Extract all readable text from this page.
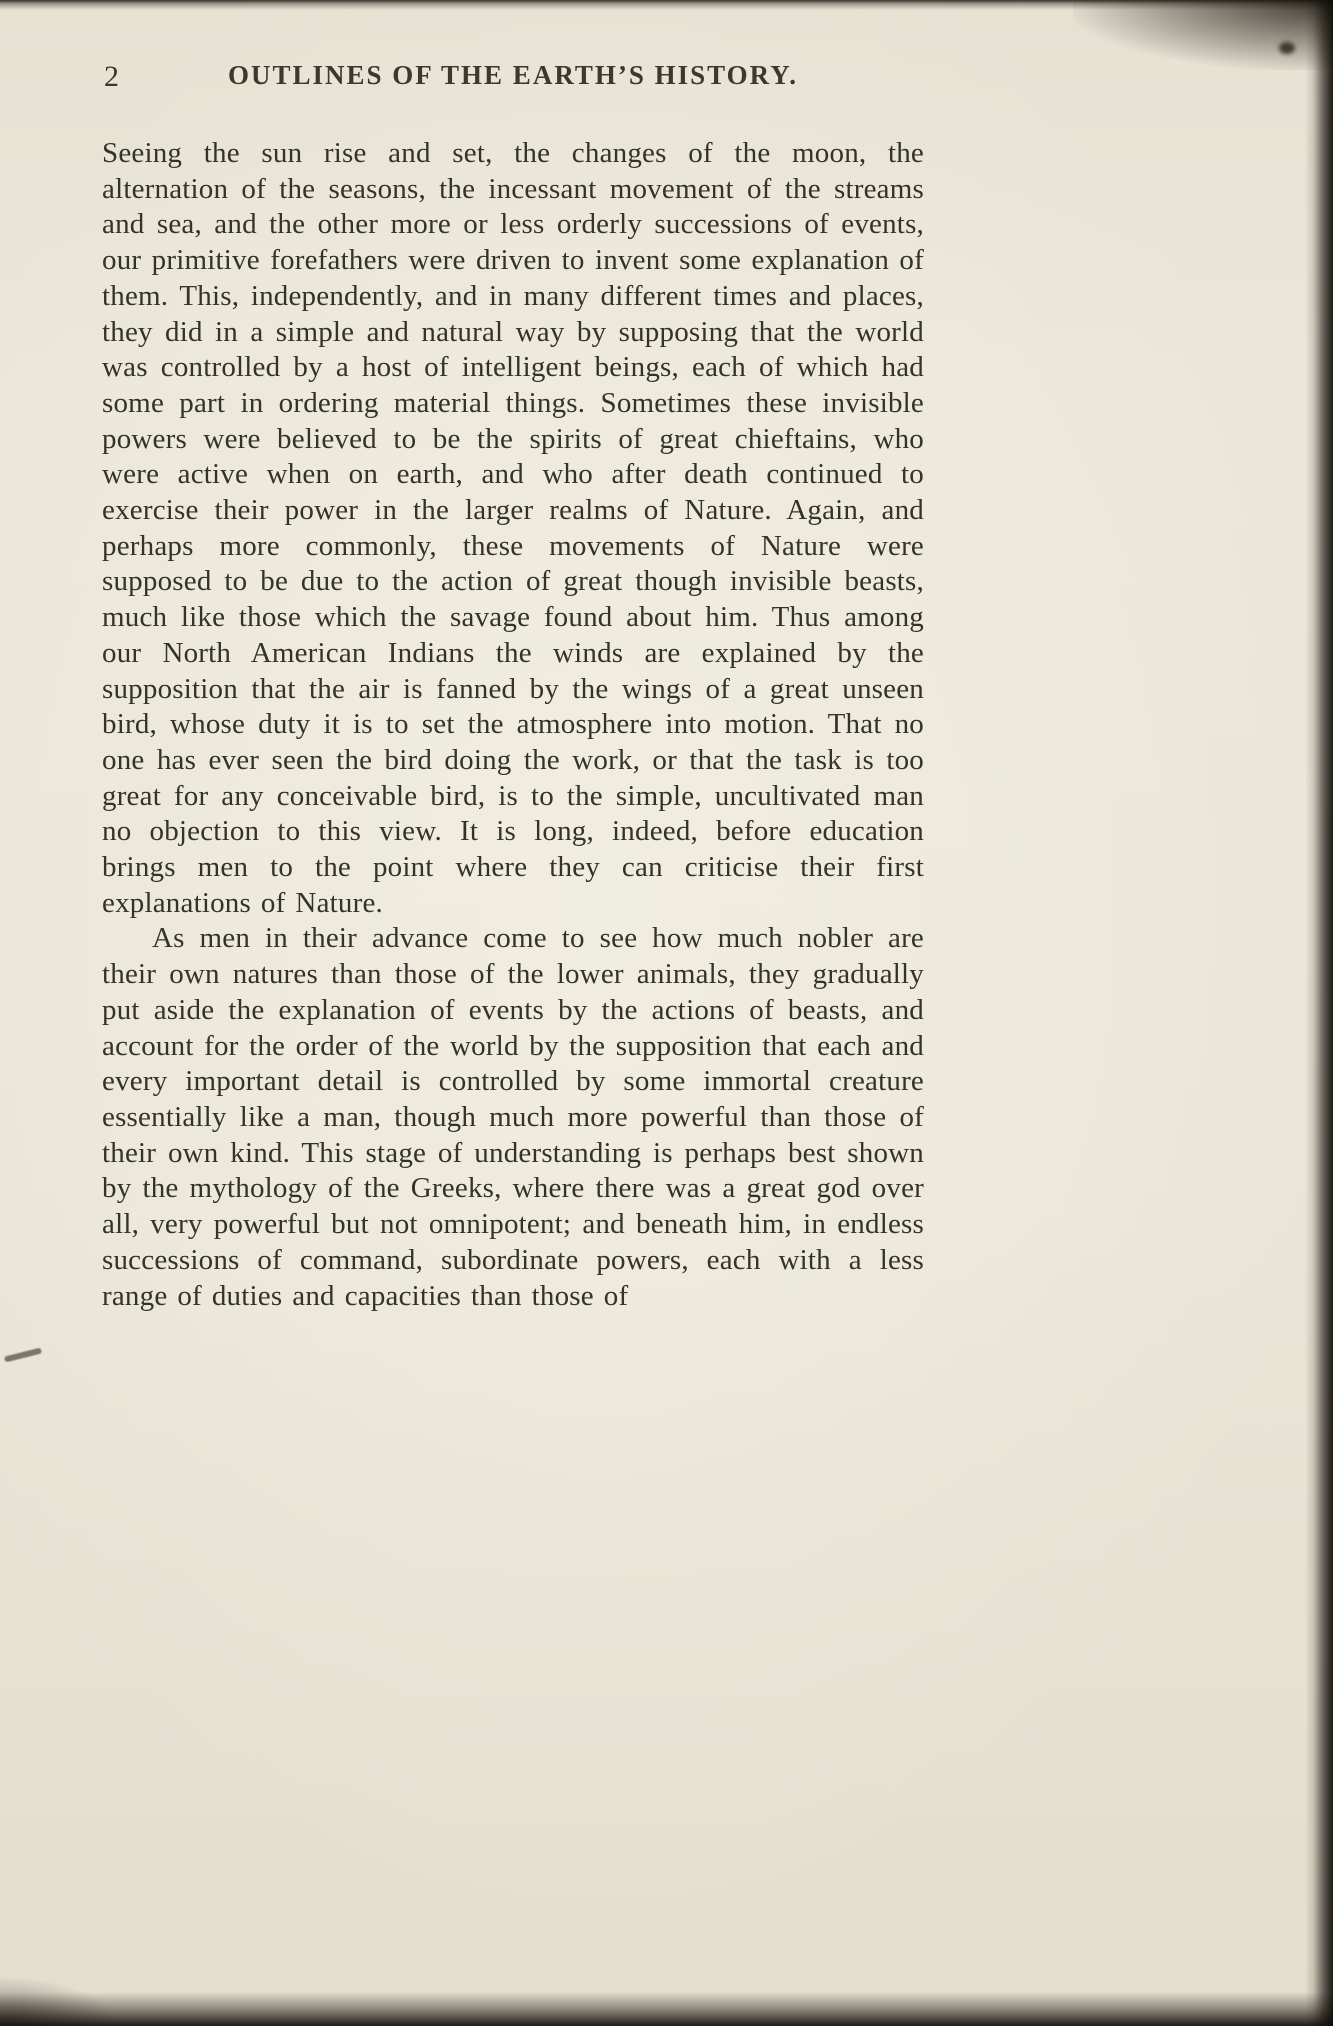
2	OUTLINES OF THE EARTH’S HISTORY.

Seeing the sun rise and set, the changes of the moon, the alternation of the seasons, the incessant movement of the streams and sea, and the other more or less orderly successions of events, our primitive forefathers were driven to invent some explanation of them. This, independently, and in many different times and places, they did in a simple and natural way by supposing that the world was controlled by a host of intelligent beings, each of which had some part in ordering material things. Sometimes these invisible powers were believed to be the spirits of great chieftains, who were active when on earth, and who after death continued to exercise their power in the larger realms of Nature. Again, and perhaps more commonly, these movements of Nature were supposed to be due to the action of great though invisible beasts, much like those which the savage found about him. Thus among our North American Indians the winds are explained by the supposition that the air is fanned by the wings of a great unseen bird, whose duty it is to set the atmosphere into motion. That no one has ever seen the bird doing the work, or that the task is too great for any conceivable bird, is to the simple, uncultivated man no objection to this view. It is long, indeed, before education brings men to the point where they can criticise their first explanations of Nature.

As men in their advance come to see how much nobler are their own natures than those of the lower animals, they gradually put aside the explanation of events by the actions of beasts, and account for the order of the world by the supposition that each and every important detail is controlled by some immortal creature essentially like a man, though much more powerful than those of their own kind. This stage of understanding is perhaps best shown by the mythology of the Greeks, where there was a great god over all, very powerful but not omnipotent; and beneath him, in endless successions of command, subordinate powers, each with a less range of duties and capacities than those of
